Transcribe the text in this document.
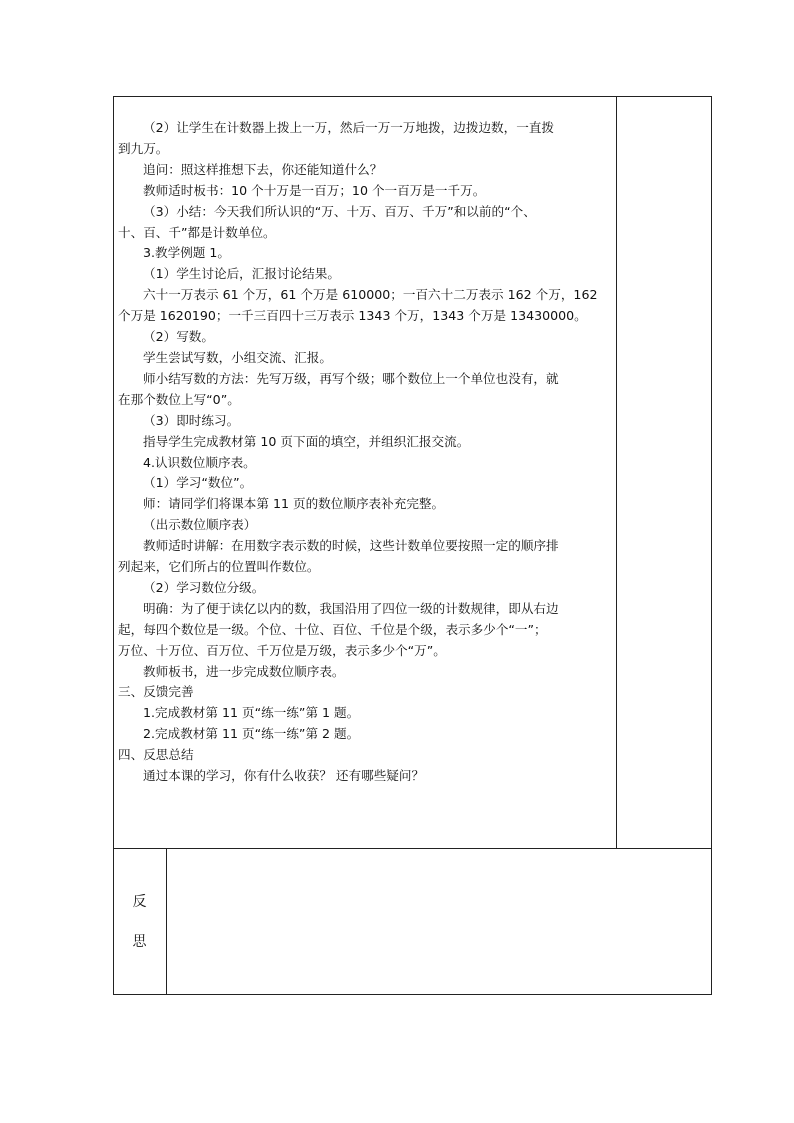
（2）让学生在计数器上拨上一万，然后一万一万地拨，边拨边数，一直拨

到九万。

追问：照这样推想下去，你还能知道什么？

教师适时板书：10 个十万是一百万；10 个一百万是一千万。

（3）小结：今天我们所认识的“万、十万、百万、千万”和以前的“个、

十、百、千”都是计数单位。

3.教学例题 1。

（1）学生讨论后，汇报讨论结果。

六十一万表示 61 个万，61 个万是 610000；一百六十二万表示 162 个万，162

个万是 1620190；一千三百四十三万表示 1343 个万，1343 个万是 13430000。

（2）写数。

学生尝试写数，小组交流、汇报。

师小结写数的方法：先写万级，再写个级；哪个数位上一个单位也没有，就

在那个数位上写“0”。

（3）即时练习。

指导学生完成教材第 10 页下面的填空，并组织汇报交流。

4.认识数位顺序表。

（1）学习“数位”。

师：请同学们将课本第 11 页的数位顺序表补充完整。

（出示数位顺序表）

教师适时讲解：在用数字表示数的时候，这些计数单位要按照一定的顺序排

列起来，它们所占的位置叫作数位。

（2）学习数位分级。

明确：为了便于读亿以内的数，我国沿用了四位一级的计数规律，即从右边

起，每四个数位是一级。个位、十位、百位、千位是个级，表示多少个“一”；

万位、十万位、百万位、千万位是万级，表示多少个“万”。

教师板书，进一步完成数位顺序表。

三、反馈完善

1.完成教材第 11 页“练一练”第 1 题。

2.完成教材第 11 页“练一练”第 2 题。

四、反思总结

通过本课的学习，你有什么收获？ 还有哪些疑问？

反
思
